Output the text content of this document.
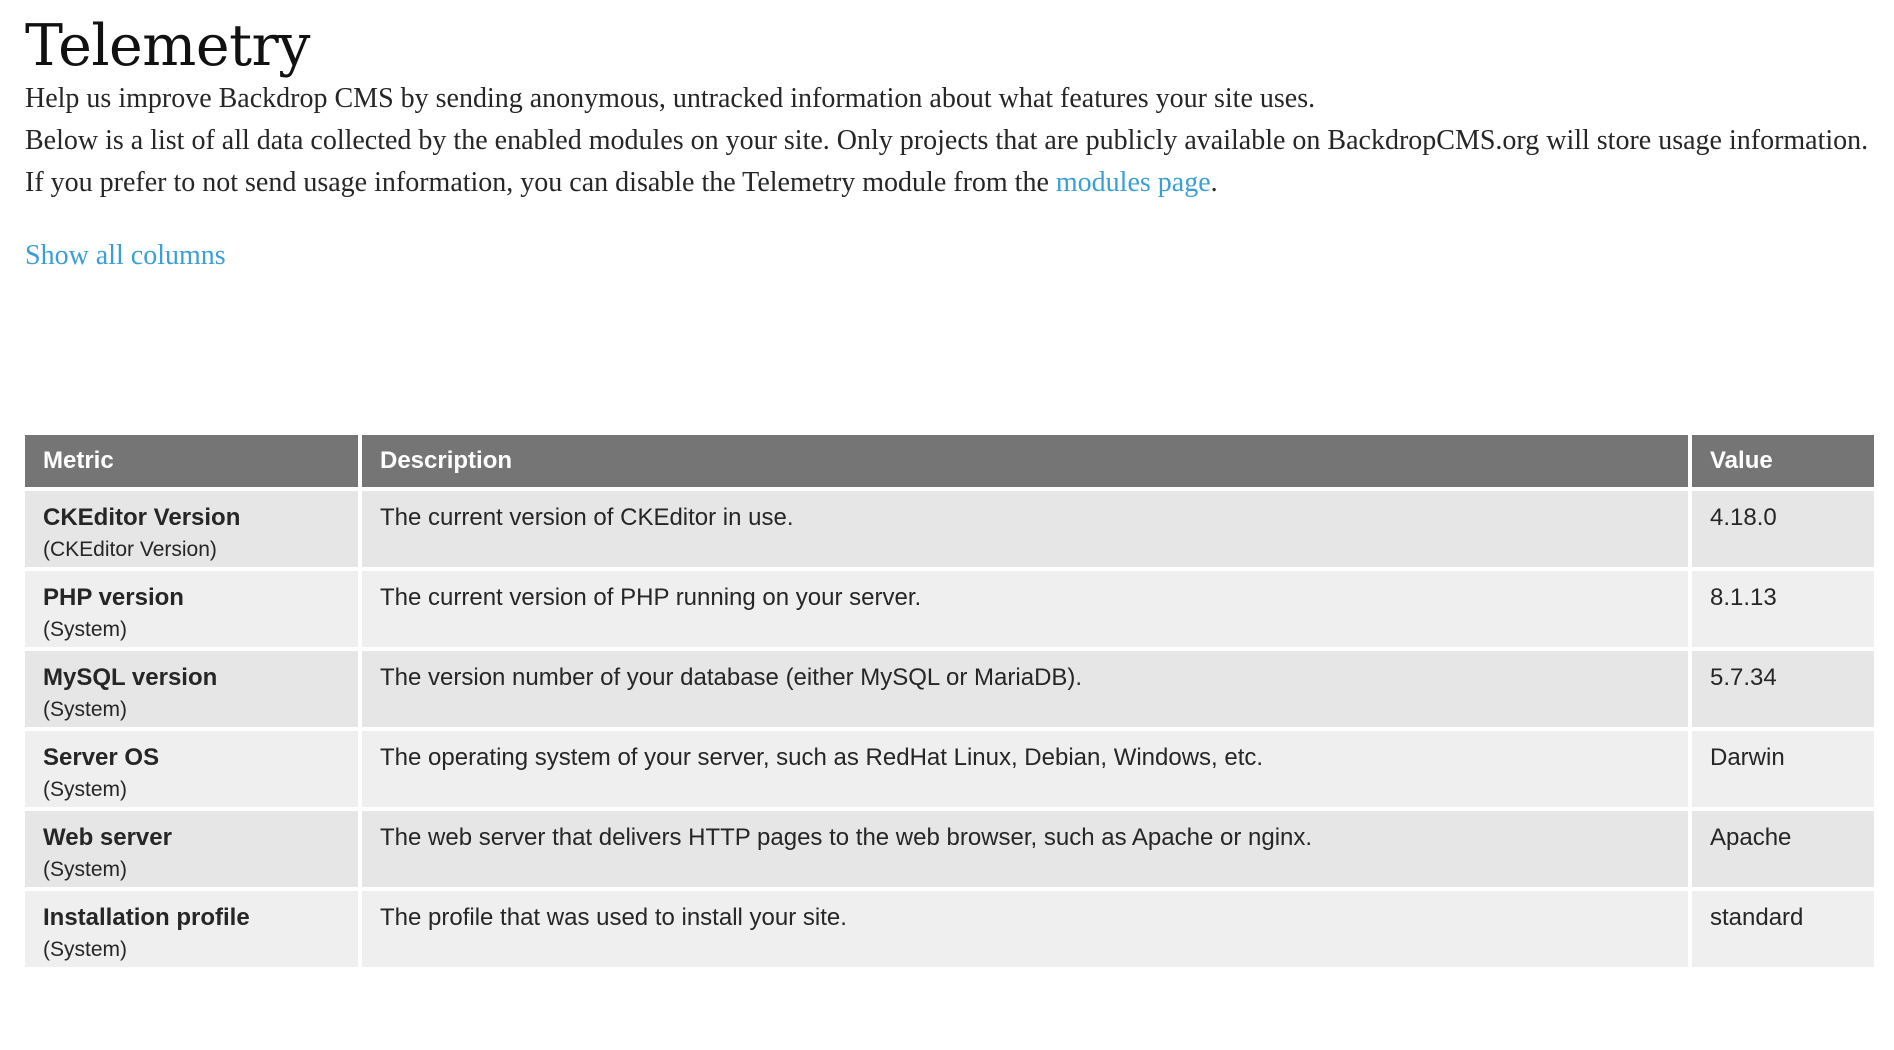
Telemetry

Help us improve Backdrop CMS by sending anonymous, untracked information about what features your site uses.

Below is a list of all data collected by the enabled modules on your site. Only projects that are publicly available on BackdropCMS.org will store usage information.

If you prefer to not send usage information, you can disable the Telemetry module from the modules page.

Show all columns
Metric	Description	Value

CKEditor Version
(CKEditor Version)	The current version of CKEditor in use.	4.18.0

PHP version
(System)	The current version of PHP running on your server.	8.1.13

MySQL version
(System)	The version number of your database (either MySQL or MariaDB).	5.7.34

Server OS
(System)	The operating system of your server, such as RedHat Linux, Debian, Windows, etc.	Darwin

Web server
(System)	The web server that delivers HTTP pages to the web browser, such as Apache or nginx.	Apache

Installation profile
(System)	The profile that was used to install your site.	standard
